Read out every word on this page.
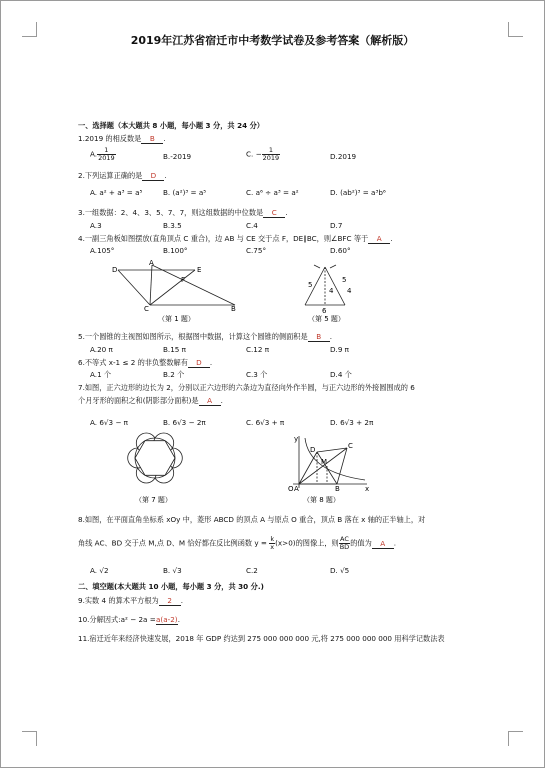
2019年江苏省宿迁市中考数学试卷及参考答案（解析版）
一、选择题（本大题共 8 小题，每小题 3 分，共 24 分）
1.2019 的相反数是 B .
A. $\frac{1}{2019}$	B.-2019	C. − $\frac{1}{2019}$	D.2019
2.下列运算正确的是 D .
A. a² + a³ = a⁵	B. (a²)³ = a⁵	C. a⁶ ÷ a³ = a²	D. (ab²)³ = a³b⁶
3.一组数据：2、4、3、5、7、7，则这组数据的中位数是 C .
A.3	B.3.5	C.4	D.7
4.一副三角板如图摆放(直角顶点 C 重合)，边 AB 与 CE 交于点 F，DE∥BC，则∠BFC 等于 A .
A.105°	B.100°	C.75°	D.60°
D
A
E
F
C	B
（第 1 题）
5
5
4
4
6
（第 5 题）
5.一个圆锥的主视图如图所示，根据图中数据，计算这个圆锥的侧面积是 B .
A.20 π	B.15 π	C.12 π	D.9 π
6.不等式 x-1 ≤ 2 的非负整数解有 D .
A.1 个	B.2 个	C.3 个	D.4 个
7.如图，正六边形的边长为 2，分别以正六边形的六条边为直径向外作半圆，与正六边形的外接圆围成的 6
个月牙形的面积之和(阴影部分面积)是 A .
A. 6√3 − π	B. 6√3 − 2π	C. 6√3 + π	D. 6√3 + 2π
（第 7 题）
y
x
O A	B
C
D
M
（第 8 题）
8.如图，在平面直角坐标系 xOy 中，菱形 ABCD 的顶点 A 与原点 O 重合，顶点 B 落在 x 轴的正半轴上，对
角线 AC、BD 交于点 M,点 D、M 恰好都在反比例函数 $y = \frac{k}{x} (x>0)$的图像上，则 $\frac{AC}{BD}$ 的值为 A .
A. √2	B. √3	C.2	D. √5
二、填空题(本大题共 10 小题，每小题 3 分，共 30 分.)
9.实数 4 的算术平方根为 2 .
10.分解因式:a² − 2a =a(a-2).
11.宿迁近年来经济快速发展，2018 年 GDP 约达到 275 000 000 000 元,将 275 000 000 000 用科学记数法表
